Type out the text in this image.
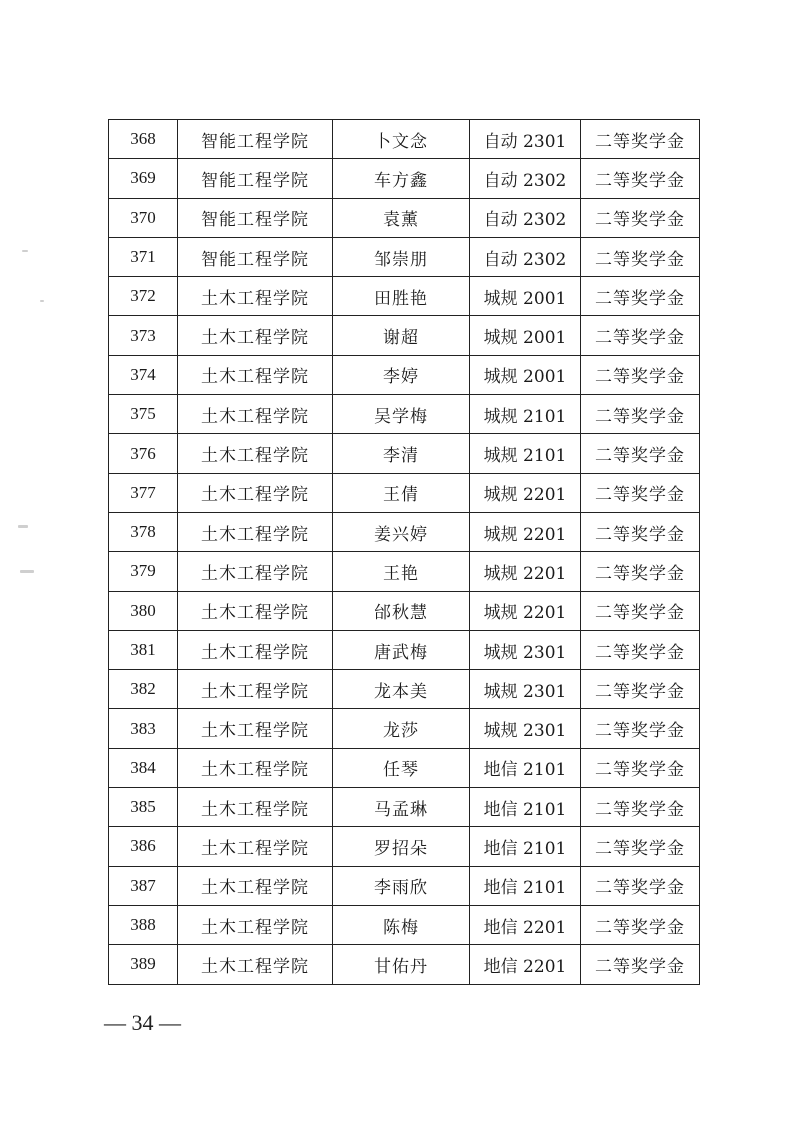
368	智能工程学院	卜文念	自动 2301	二等奖学金
369	智能工程学院	车方鑫	自动 2302	二等奖学金
370	智能工程学院	袁薰	自动 2302	二等奖学金
371	智能工程学院	邹崇朋	自动 2302	二等奖学金
372	土木工程学院	田胜艳	城规 2001	二等奖学金
373	土木工程学院	谢超	城规 2001	二等奖学金
374	土木工程学院	李婷	城规 2001	二等奖学金
375	土木工程学院	吴学梅	城规 2101	二等奖学金
376	土木工程学院	李清	城规 2101	二等奖学金
377	土木工程学院	王倩	城规 2201	二等奖学金
378	土木工程学院	姜兴婷	城规 2201	二等奖学金
379	土木工程学院	王艳	城规 2201	二等奖学金
380	土木工程学院	邰秋慧	城规 2201	二等奖学金
381	土木工程学院	唐武梅	城规 2301	二等奖学金
382	土木工程学院	龙本美	城规 2301	二等奖学金
383	土木工程学院	龙莎	城规 2301	二等奖学金
384	土木工程学院	任琴	地信 2101	二等奖学金
385	土木工程学院	马孟琳	地信 2101	二等奖学金
386	土木工程学院	罗招朵	地信 2101	二等奖学金
387	土木工程学院	李雨欣	地信 2101	二等奖学金
388	土木工程学院	陈梅	地信 2201	二等奖学金
389	土木工程学院	甘佑丹	地信 2201	二等奖学金
— 34 —
